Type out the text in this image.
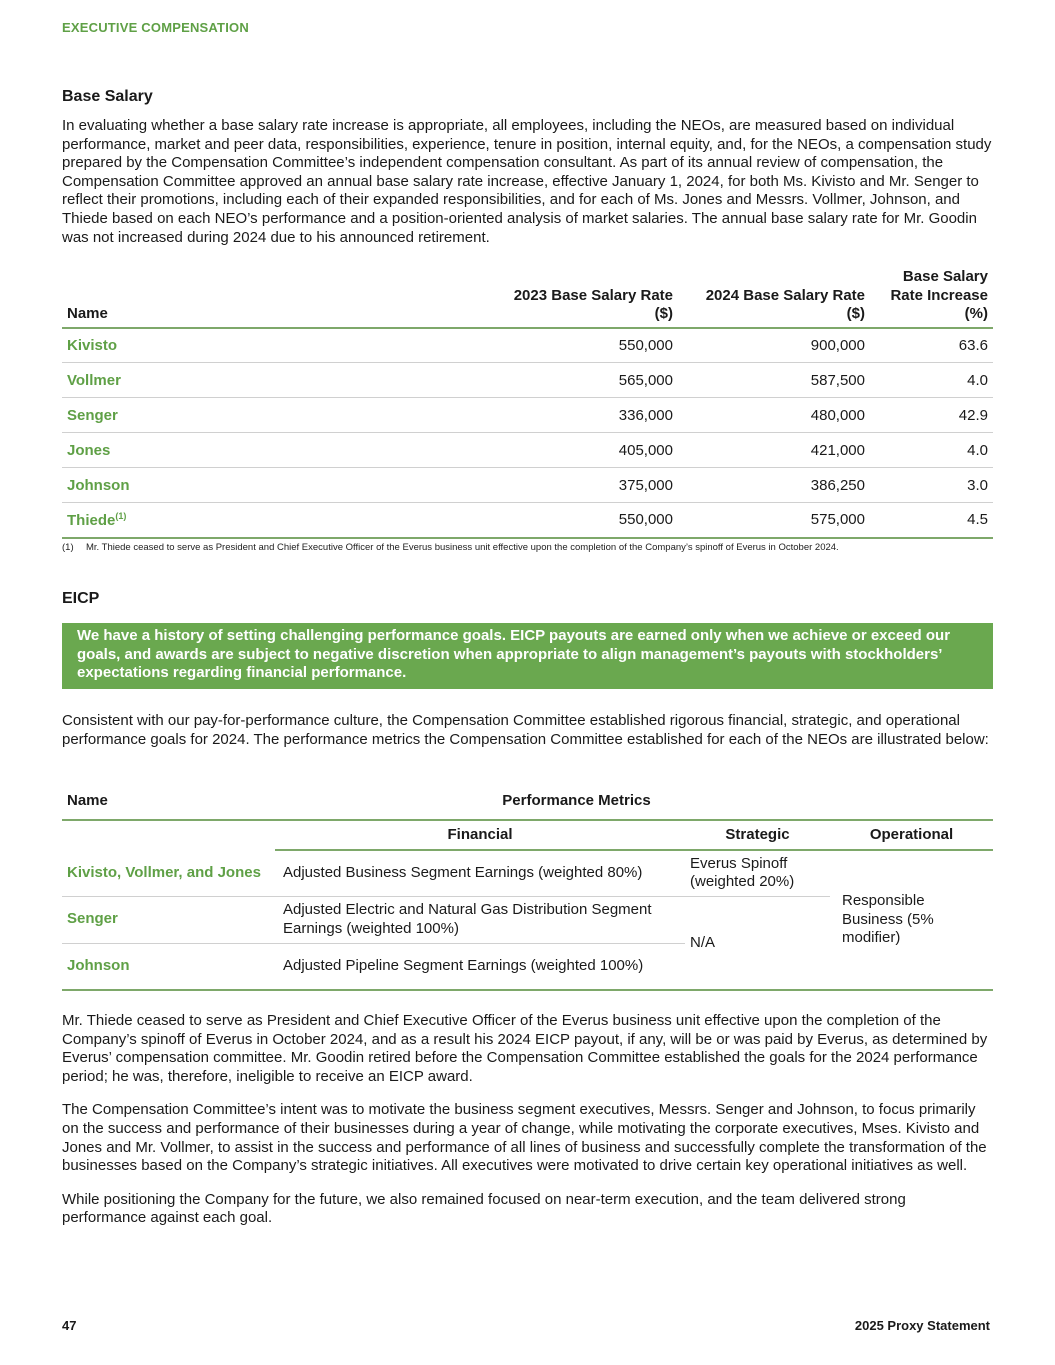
EXECUTIVE COMPENSATION
Base Salary

In evaluating whether a base salary rate increase is appropriate, all employees, including the NEOs, are measured based on individual performance, market and peer data, responsibilities, experience, tenure in position, internal equity, and, for the NEOs, a compensation study prepared by the Compensation Committee’s independent compensation consultant. As part of its annual review of compensation, the Compensation Committee approved an annual base salary rate increase, effective January 1, 2024, for both Ms. Kivisto and Mr. Senger to reflect their promotions, including each of their expanded responsibilities, and for each of Ms. Jones and Messrs. Vollmer, Johnson, and Thiede based on each NEO’s performance and a position-oriented analysis of market salaries. The annual base salary rate for Mr. Goodin was not increased during 2024 due to his announced retirement.

Name	2023 Base Salary Rate ($)	2024 Base Salary Rate ($)	Base Salary Rate Increase (%)

Kivisto	550,000	900,000	63.6
Vollmer	565,000	587,500	4.0
Senger	336,000	480,000	42.9
Jones	405,000	421,000	4.0
Johnson	375,000	386,250	3.0
Thiede$^{(1)}$	550,000	575,000	4.5
(1)	Mr. Thiede ceased to serve as President and Chief Executive Officer of the Everus business unit effective upon the completion of the Company’s spinoff of Everus in October 2024.
EICP
We have a history of setting challenging performance goals. EICP payouts are earned only when we achieve or exceed our goals, and awards are subject to negative discretion when appropriate to align management’s payouts with stockholders’ expectations regarding financial performance.

Consistent with our pay-for-performance culture, the Compensation Committee established rigorous financial, strategic, and operational performance goals for 2024. The performance metrics the Compensation Committee established for each of the NEOs are illustrated below:

Name	Performance Metrics		
	Financial	Strategic	Operational
Kivisto, Vollmer, and Jones	Adjusted Business Segment Earnings (weighted 80%)	Everus Spinoff (weighted 20%)	Responsible Business (5% modifier)
Senger	Adjusted Electric and Natural Gas Distribution Segment Earnings (weighted 100%)	N/A	
Johnson	Adjusted Pipeline Segment Earnings (weighted 100%)		

Mr. Thiede ceased to serve as President and Chief Executive Officer of the Everus business unit effective upon the completion of the Company’s spinoff of Everus in October 2024, and as a result his 2024 EICP payout, if any, will be or was paid by Everus, as determined by Everus’ compensation committee. Mr. Goodin retired before the Compensation Committee established the goals for the 2024 performance period; he was, therefore, ineligible to receive an EICP award.

The Compensation Committee’s intent was to motivate the business segment executives, Messrs. Senger and Johnson, to focus primarily on the success and performance of their businesses during a year of change, while motivating the corporate executives, Mses. Kivisto and Jones and Mr. Vollmer, to assist in the success and performance of all lines of business and successfully complete the transformation of the businesses based on the Company’s strategic initiatives. All executives were motivated to drive certain key operational initiatives as well.

While positioning the Company for the future, we also remained focused on near-term execution, and the team delivered strong performance against each goal.

47	2025 Proxy Statement
